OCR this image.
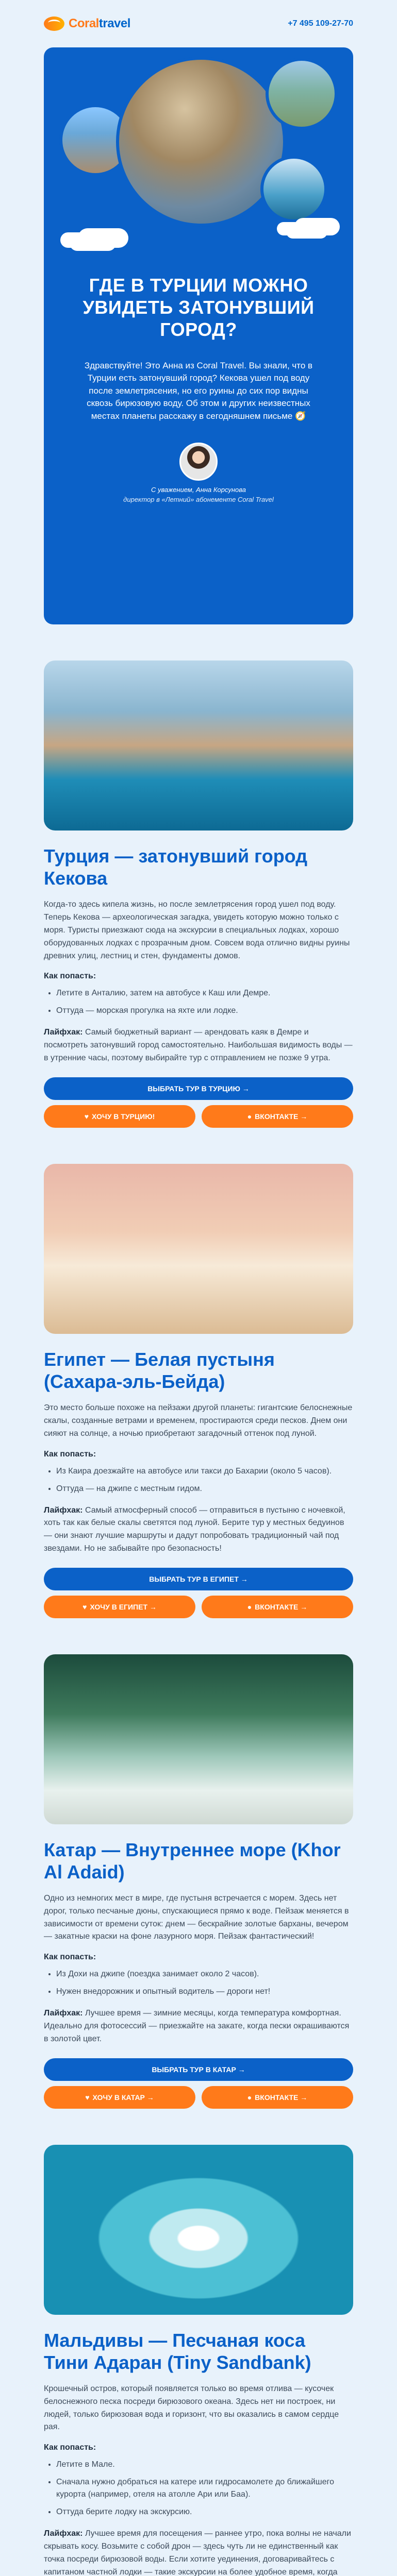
Coraltravel	+7 495 109-27-70
ГДЕ В ТУРЦИИ МОЖНО УВИДЕТЬ ЗАТОНУВШИЙ ГОРОД?

Здравствуйте! Это Анна из Coral Travel. Вы знали, что в Турции есть затонувший город? Кекова ушел под воду после землетрясения, но его руины до сих пор видны сквозь бирюзовую воду. Об этом и других неизвестных местах планеты расскажу в сегодняшнем письме 🧭

С уважением, Анна Корсунова
директор в «Летний» абонементе Coral Travel
Турция — затонувший город Кекова

Когда-то здесь кипела жизнь, но после землетрясения город ушел под воду. Теперь Кекова — археологическая загадка, увидеть которую можно только с моря. Туристы приезжают сюда на экскурсии в специальных лодках, хорошо оборудованных лодках с прозрачным дном. Совсем вода отлично видны руины древних улиц, лестниц и стен, фундаменты домов.

Как попасть:
• Летите в Анталию, затем на автобусе к Каш или Демре.
• Оттуда — морская прогулка на яхте или лодке.

Лайфхак: Самый бюджетный вариант — арендовать каяк в Демре и посмотреть затонувший город самостоятельно. Наибольшая видимость воды — в утренние часы, поэтому выбирайте тур с отправлением не позже 9 утра.

ВЫБРАТЬ ТУР В ТУРЦИЮ →
♥ ХОЧУ В ТУРЦИЮ!	● ВКОНТАКТЕ →
Египет — Белая пустыня (Сахара-эль-Бейда)

Это место больше похоже на пейзажи другой планеты: гигантские белоснежные скалы, созданные ветрами и временем, простираются среди песков. Днем они сияют на солнце, а ночью приобретают загадочный оттенок под луной.

Как попасть:
• Из Каира доезжайте на автобусе или такси до Бахарии (около 5 часов).
• Оттуда — на джипе с местным гидом.

Лайфхак: Самый атмосферный способ — отправиться в пустыню с ночевкой, хоть так как белые скалы светятся под луной. Берите тур у местных бедуинов — они знают лучшие маршруты и дадут попробовать традиционный чай под звездами. Но не забывайте про безопасность!

ВЫБРАТЬ ТУР В ЕГИПЕТ →
♥ ХОЧУ В ЕГИПЕТ →	● ВКОНТАКТЕ →
Катар — Внутреннее море (Khor Al Adaid)

Одно из немногих мест в мире, где пустыня встречается с морем. Здесь нет дорог, только песчаные дюны, спускающиеся прямо к воде. Пейзаж меняется в зависимости от времени суток: днем — бескрайние золотые барханы, вечером — закатные краски на фоне лазурного моря. Пейзаж фантастический!

Как попасть:
• Из Дохи на джипе (поездка занимает около 2 часов).
• Нужен внедорожник и опытный водитель — дороги нет!

Лайфхак: Лучшее время — зимние месяцы, когда температура комфортная. Идеально для фотосессий — приезжайте на закате, когда пески окрашиваются в золотой цвет.

ВЫБРАТЬ ТУР В КАТАР →
♥ ХОЧУ В КАТАР →	● ВКОНТАКТЕ →
Мальдивы — Песчаная коса Тини Адаран (Tiny Sandbank)

Крошечный остров, который появляется только во время отлива — кусочек белоснежного песка посреди бирюзового океана. Здесь нет ни построек, ни людей, только бирюзовая вода и горизонт, что вы оказались в самом сердце рая.

Как попасть:
• Летите в Мале.
• Сначала нужно добраться на катере или гидросамолете до ближайшего курорта (например, отеля на атолле Ари или Баа).
• Оттуда берите лодку на экскурсию.

Лайфхак: Лучшее время для посещения — раннее утро, пока волны не начали скрывать косу. Возьмите с собой дрон — здесь чуть ли не единственный как точка посреди бирюзовой воды. Если хотите уединения, договаривайтесь с капитаном частной лодки — такие экскурсии на более удобное время, когда
